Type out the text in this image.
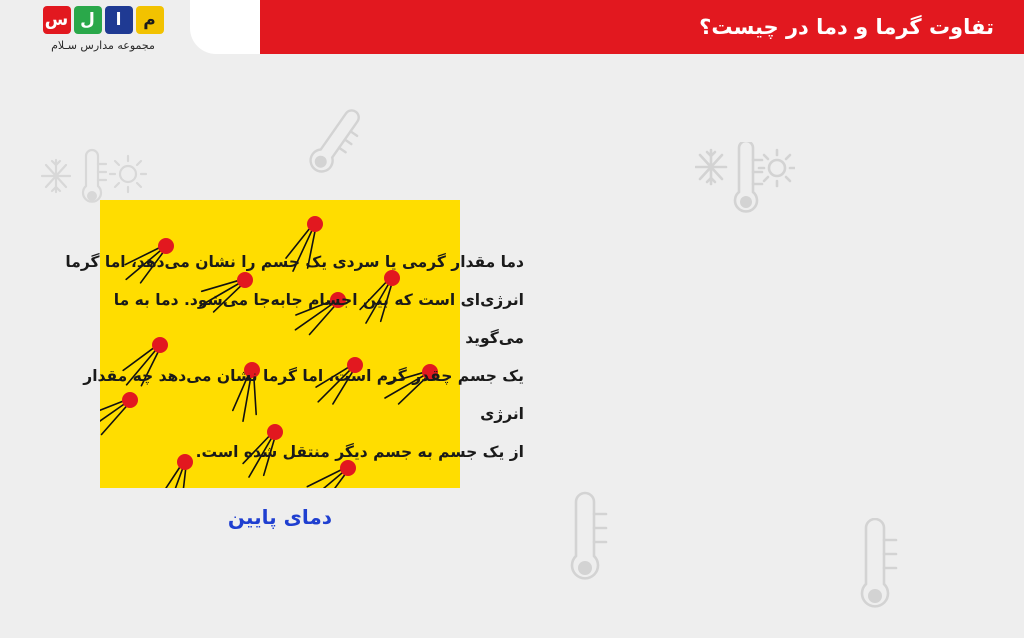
تفاوت گرما و دما در چیست؟
س ل	ا	م
مجموعه مدارس سـلام
دمای پایین

دما مقدار گرمی یا سردی یک جسم را نشان می‌دهد، اما گرما

انرژی‌ای است که بین اجسام جابه‌جا می‌شود. دما به ما می‌گوید

یک جسم چقدر گرم است، اما گرما نشان می‌دهد چه مقدار انرژی

از یک جسم به جسم دیگر منتقل شده است.
